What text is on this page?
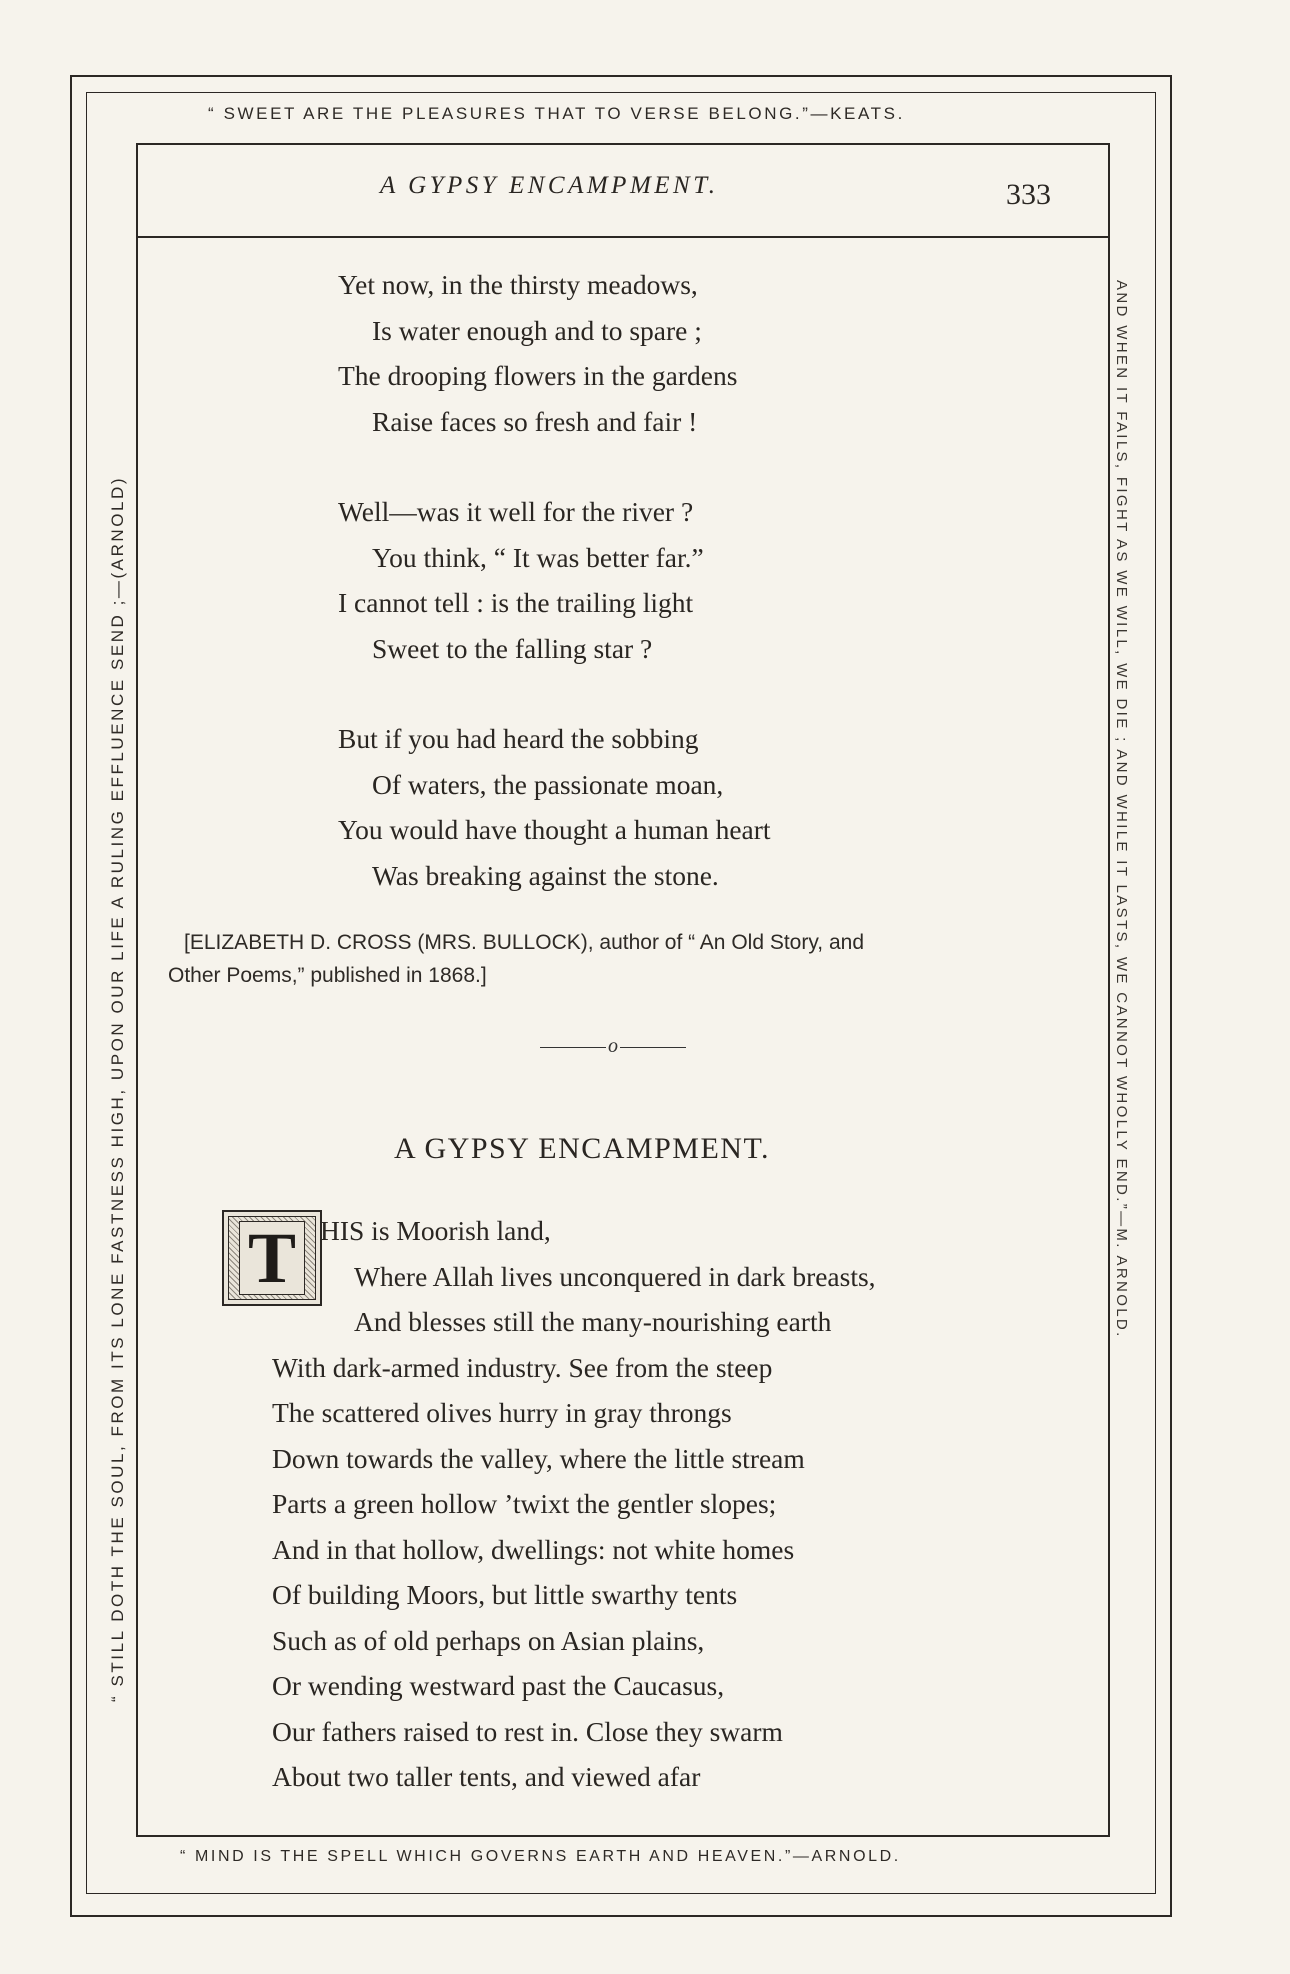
“ SWEET ARE THE PLEASURES THAT TO VERSE BELONG.”—KEATS.
“ MIND IS THE SPELL WHICH GOVERNS EARTH AND HEAVEN.”—ARNOLD.
“ STILL DOTH THE SOUL, FROM ITS LONE FASTNESS HIGH, UPON OUR LIFE A RULING EFFLUENCE SEND ;—(ARNOLD)	AND WHEN IT FAILS, FIGHT AS WE WILL, WE DIE ; AND WHILE IT LASTS, WE CANNOT WHOLLY END.”—M. ARNOLD.
A GYPSY ENCAMPMENT.	333
Yet now, in the thirsty meadows,
Is water enough and to spare ;
The drooping flowers in the gardens
Raise faces so fresh and fair !
Well—was it well for the river ?
You think, “ It was better far.”
I cannot tell : is the trailing light
Sweet to the falling star ?
But if you had heard the sobbing
Of waters, the passionate moan,
You would have thought a human heart
Was breaking against the stone.
[ELIZABETH D. CROSS (MRS. BULLOCK), author of “ An Old Story, and
Other Poems,” published in 1868.]
o
A GYPSY ENCAMPMENT.
T HIS is Moorish land,
Where Allah lives unconquered in dark breasts,
And blesses still the many-nourishing earth
With dark-armed industry. See from the steep
The scattered olives hurry in gray throngs
Down towards the valley, where the little stream
Parts a green hollow ’twixt the gentler slopes;
And in that hollow, dwellings: not white homes
Of building Moors, but little swarthy tents
Such as of old perhaps on Asian plains,
Or wending westward past the Caucasus,
Our fathers raised to rest in. Close they swarm
About two taller tents, and viewed afar
